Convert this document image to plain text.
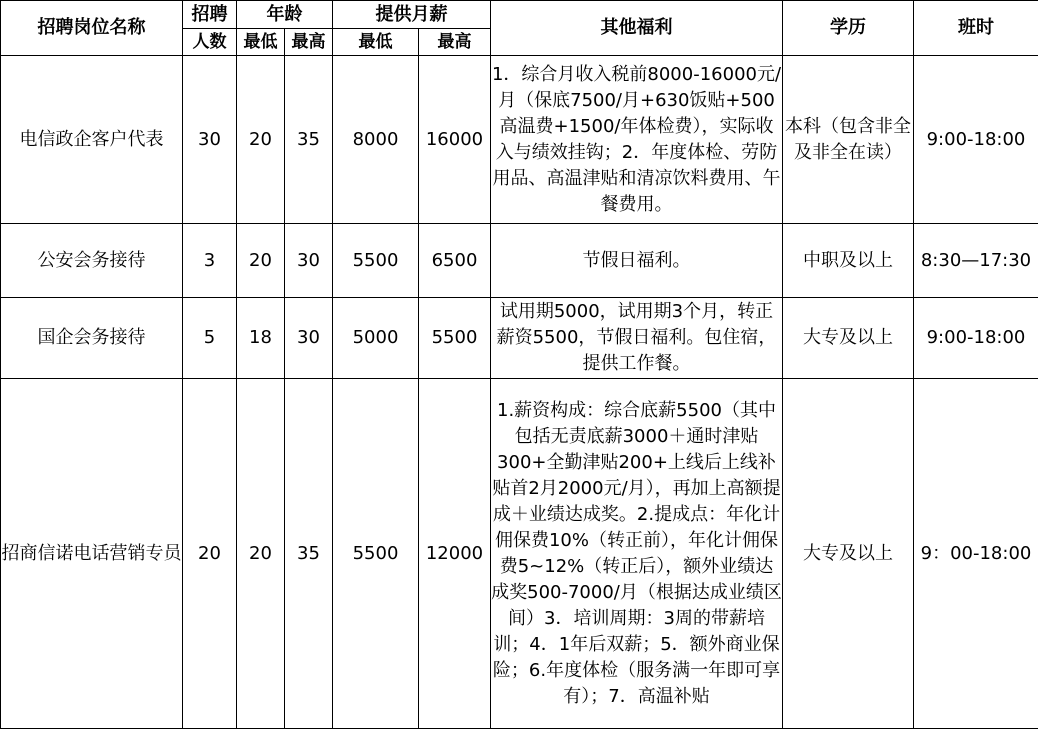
招聘岗位名称	招聘	年龄		提供月薪		其他福利	学历	班时
	人数	最低	最高	最低	最高			
电信政企客户代表	30	20	35	8000	16000	1．综合月收入税前8000-16000元/月（保底7500/月+630饭贴+500高温费+1500/年体检费），实际收入与绩效挂钩；2．年度体检、劳防用品、高温津贴和清凉饮料费用、午餐费用。	本科（包含非全及非全在读）	9:00-18:00
公安会务接待	3	20	30	5500	6500	节假日福利。	中职及以上	8:30—17:30
国企会务接待	5	18	30	5000	5500	试用期5000，试用期3个月，转正薪资5500，节假日福利。包住宿，提供工作餐。	大专及以上	9:00-18:00
招商信诺电话营销专员	20	20	35	5500	12000	1.薪资构成：综合底薪5500（其中包括无责底薪3000＋通时津贴300+全勤津贴200+上线后上线补贴首2月2000元/月），再加上高额提成＋业绩达成奖。2.提成点：年化计佣保费10%（转正前），年化计佣保费5~12%（转正后），额外业绩达成奖500-7000/月（根据达成业绩区间）3．培训周期：3周的带薪培训；4．1年后双薪；5．额外商业保险；6.年度体检（服务满一年即可享有）；7．高温补贴	大专及以上	9：00-18:00
